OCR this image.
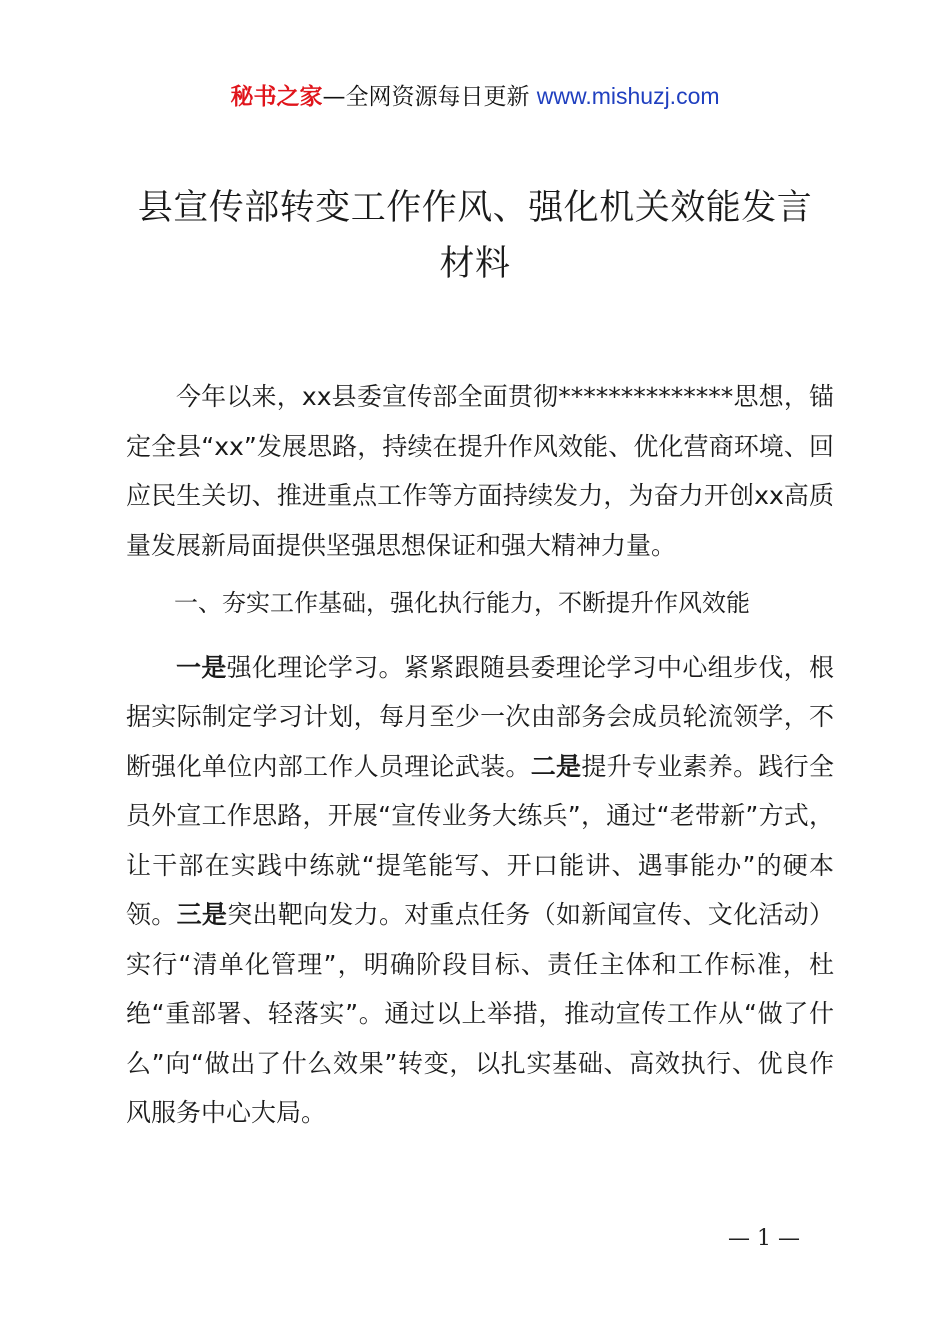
秘书之家—全网资源每日更新 www.mishuzj.com
县宣传部转变工作作风、强化机关效能发言
材料

今年以来，xx县委宣传部全面贯彻**************思想，锚定全县“xx”发展思路，持续在提升作风效能、优化营商环境、回应民生关切、推进重点工作等方面持续发力，为奋力开创xx高质量发展新局面提供坚强思想保证和强大精神力量。

一、夯实工作基础，强化执行能力，不断提升作风效能

一是强化理论学习。紧紧跟随县委理论学习中心组步伐，根据实际制定学习计划，每月至少一次由部务会成员轮流领学，不断强化单位内部工作人员理论武装。二是提升专业素养。践行全员外宣工作思路，开展“宣传业务大练兵”，通过“老带新”方式，让干部在实践中练就“提笔能写、开口能讲、遇事能办”的硬本领。三是突出靶向发力。对重点任务（如新闻宣传、文化活动）实行“清单化管理”，明确阶段目标、责任主体和工作标准，杜绝“重部署、轻落实”。通过以上举措，推动宣传工作从“做了什么”向“做出了什么效果”转变，以扎实基础、高效执行、优良作风服务中心大局。

— 1 —
